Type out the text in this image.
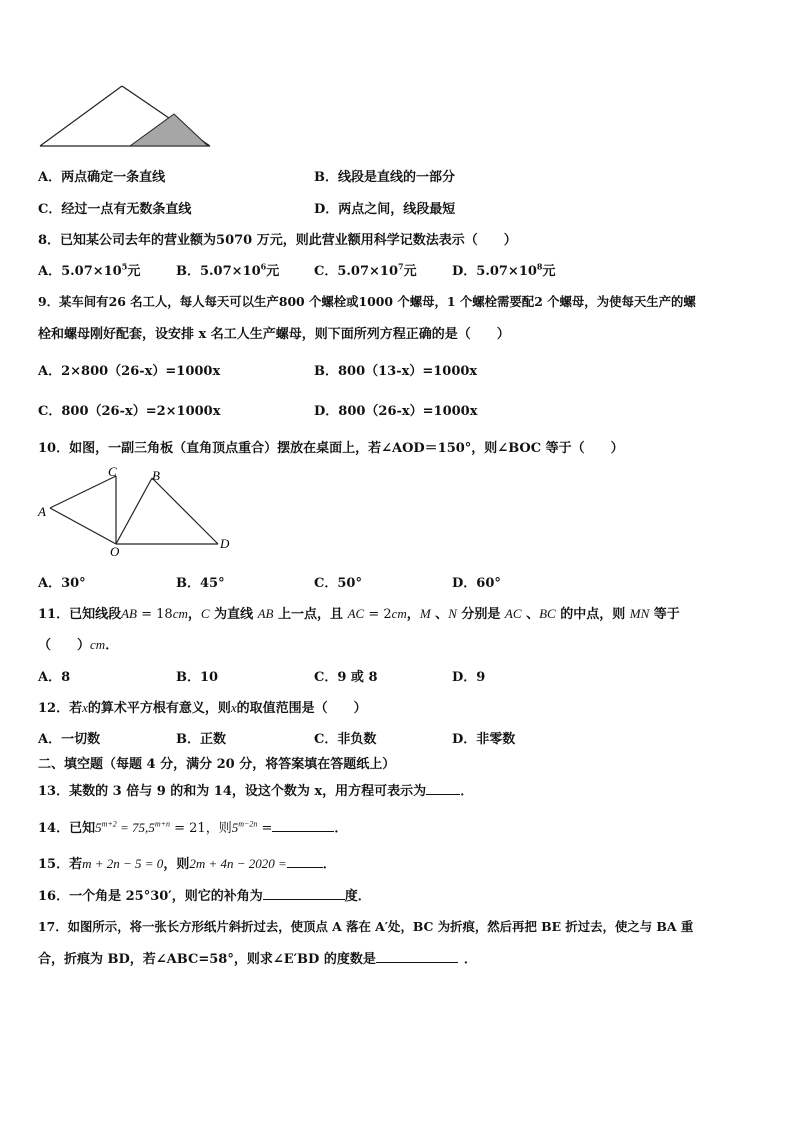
A．两点确定一条直线	B．线段是直线的一部分
C．经过一点有无数条直线	D．两点之间，线段最短
8．已知某公司去年的营业额为5070 万元，则此营业额用科学记数法表示（　　）
A．$5.07\times 10^5$元	B．$5.07\times 10^6$元	C．$5.07\times 10^7$元	D．$5.07\times 10^8$元
9．某车间有26 名工人，每人每天可以生产800 个螺栓或1000 个螺母，1 个螺栓需要配2 个螺母，为使每天生产的螺
栓和螺母刚好配套，设安排 x 名工人生产螺母，则下面所列方程正确的是（　　）
A．2×800（26-x）=1000x	B．800（13-x）=1000x
C．800（26-x）=2×1000x	D．800（26-x）=1000x
10．如图，一副三角板（直角顶点重合）摆放在桌面上，若∠AOD＝150°，则∠BOC 等于（　　）
A
C	B
O
D
A．30°	B．45°	C．50°	D．60°
11．已知线段AB = 18cm，C 为直线 AB 上一点，且 AC = 2cm，M 、N 分别是 AC 、BC 的中点，则 MN 等于
（　　）cm．
A．8	B．10	C．9 或 8	D．9
12．若x的算术平方根有意义，则x的取值范围是（　　）
A．一切数	B．正数	C．非负数	D．非零数
二、填空题（每题 4 分，满分 20 分，将答案填在答题纸上）
13．某数的 3 倍与 9 的和为 14，设这个数为 x，用方程可表示为	．
14．已知$5^{m+2} = 75,5^{m+n} = 21$，则$5^{m-2n}$ =	．
15．若m + 2n − 5 = 0，则2m + 4n − 2020 =	．
16．一个角是 25°30′，则它的补角为	度．
17．如图所示，将一张长方形纸片斜折过去，使顶点 A 落在 A′处，BC 为折痕，然后再把 BE 折过去，使之与 BA 重
合，折痕为 BD，若∠ABC=58°，则求∠E′BD 的度数是	．
